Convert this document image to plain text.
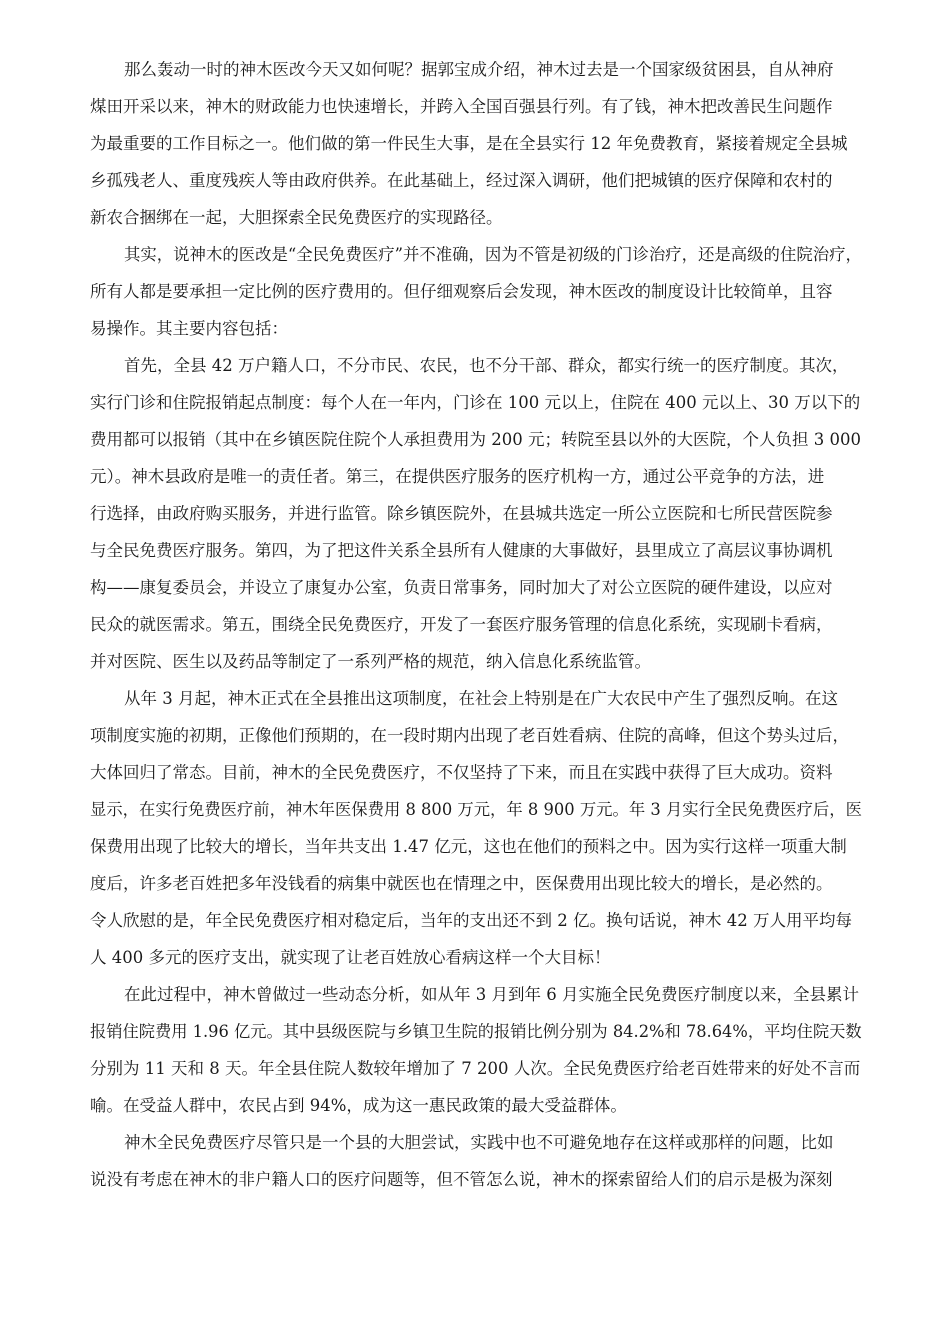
那么轰动一时的神木医改今天又如何呢？据郭宝成介绍，神木过去是一个国家级贫困县，自从神府
煤田开采以来，神木的财政能力也快速增长，并跨入全国百强县行列。有了钱，神木把改善民生问题作
为最重要的工作目标之一。他们做的第一件民生大事，是在全县实行 12 年免费教育，紧接着规定全县城
乡孤残老人、重度残疾人等由政府供养。在此基础上，经过深入调研，他们把城镇的医疗保障和农村的
新农合捆绑在一起，大胆探索全民免费医疗的实现路径。
其实，说神木的医改是“全民免费医疗”并不准确，因为不管是初级的门诊治疗，还是高级的住院治疗，
所有人都是要承担一定比例的医疗费用的。但仔细观察后会发现，神木医改的制度设计比较简单，且容
易操作。其主要内容包括：
首先，全县 42 万户籍人口，不分市民、农民，也不分干部、群众，都实行统一的医疗制度。其次，
实行门诊和住院报销起点制度：每个人在一年内，门诊在 100 元以上，住院在 400 元以上、30 万以下的
费用都可以报销（其中在乡镇医院住院个人承担费用为 200 元；转院至县以外的大医院，个人负担 3 000
元）。神木县政府是唯一的责任者。第三，在提供医疗服务的医疗机构一方，通过公平竞争的方法，进
行选择，由政府购买服务，并进行监管。除乡镇医院外，在县城共选定一所公立医院和七所民营医院参
与全民免费医疗服务。第四，为了把这件关系全县所有人健康的大事做好，县里成立了高层议事协调机
构——康复委员会，并设立了康复办公室，负责日常事务，同时加大了对公立医院的硬件建设，以应对
民众的就医需求。第五，围绕全民免费医疗，开发了一套医疗服务管理的信息化系统，实现刷卡看病，
并对医院、医生以及药品等制定了一系列严格的规范，纳入信息化系统监管。
从年 3 月起，神木正式在全县推出这项制度，在社会上特别是在广大农民中产生了强烈反响。在这
项制度实施的初期，正像他们预期的，在一段时期内出现了老百姓看病、住院的高峰，但这个势头过后，
大体回归了常态。目前，神木的全民免费医疗，不仅坚持了下来，而且在实践中获得了巨大成功。资料
显示，在实行免费医疗前，神木年医保费用 8 800 万元，年 8 900 万元。年 3 月实行全民免费医疗后，医
保费用出现了比较大的增长，当年共支出 1.47 亿元，这也在他们的预料之中。因为实行这样一项重大制
度后，许多老百姓把多年没钱看的病集中就医也在情理之中，医保费用出现比较大的增长，是必然的。
令人欣慰的是，年全民免费医疗相对稳定后，当年的支出还不到 2 亿。换句话说，神木 42 万人用平均每
人 400 多元的医疗支出，就实现了让老百姓放心看病这样一个大目标！
在此过程中，神木曾做过一些动态分析，如从年 3 月到年 6 月实施全民免费医疗制度以来，全县累计
报销住院费用 1.96 亿元。其中县级医院与乡镇卫生院的报销比例分别为 84.2%和 78.64%，平均住院天数
分别为 11 天和 8 天。年全县住院人数较年增加了 7 200 人次。全民免费医疗给老百姓带来的好处不言而
喻。在受益人群中，农民占到 94%，成为这一惠民政策的最大受益群体。
神木全民免费医疗尽管只是一个县的大胆尝试，实践中也不可避免地存在这样或那样的问题，比如
说没有考虑在神木的非户籍人口的医疗问题等，但不管怎么说，神木的探索留给人们的启示是极为深刻
